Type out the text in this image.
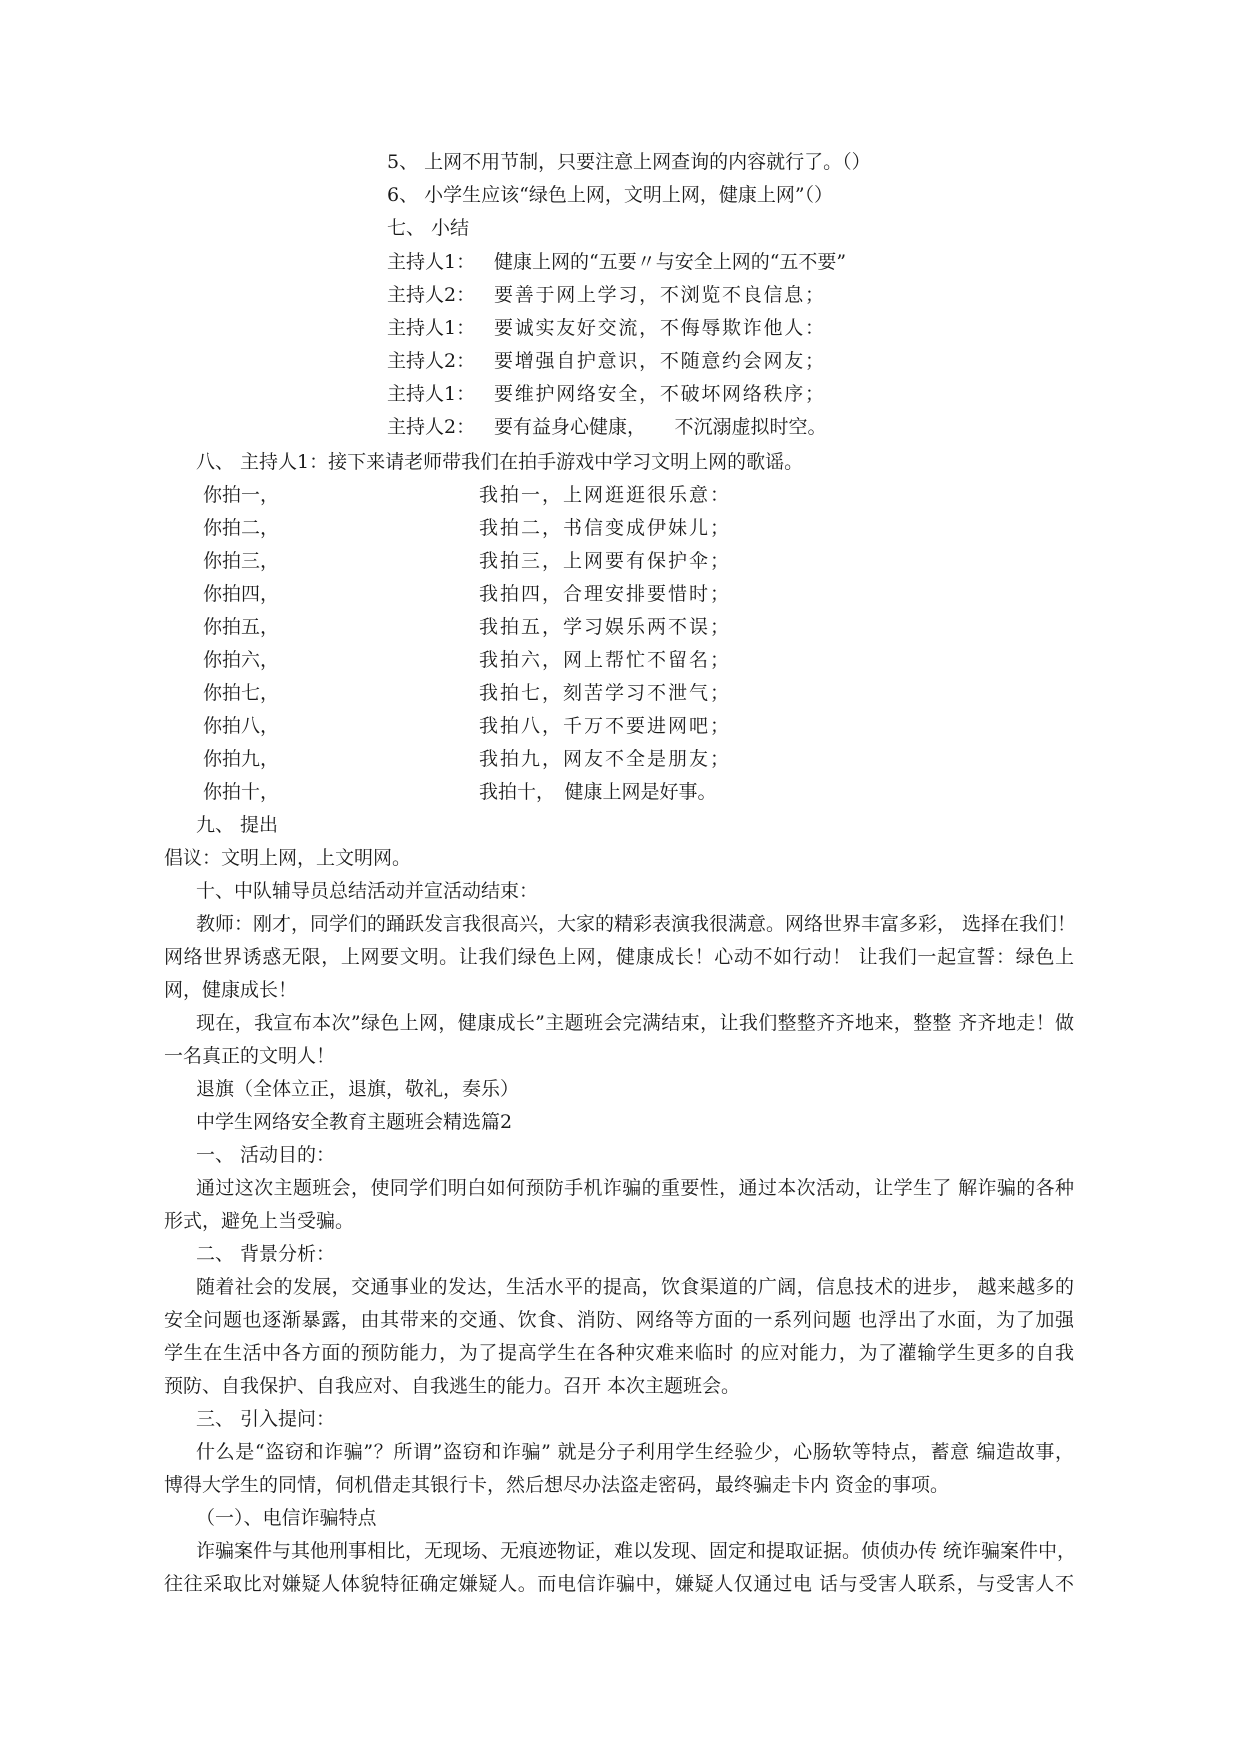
5、 上网不用节制，只要注意上网查询的内容就行了。（）
6、 小学生应该“绿色上网，文明上网，健康上网”（）
七、 小结
主持人1： 健康上网的“五要〃与安全上网的“五不要”
主持人2： 要善于网上学习，不浏览不良信息；
主持人1： 要诚实友好交流，不侮辱欺诈他人：
主持人2： 要增强自护意识，不随意约会网友；
主持人1： 要维护网络安全，不破坏网络秩序；
主持人2： 要有益身心健康，　　不沉溺虚拟时空。
八、 主持人1：接下来请老师带我们在拍手游戏中学习文明上网的歌谣。
你拍一，	我拍一，上网逛逛很乐意：
你拍二，	我拍二，书信变成伊妹儿；
你拍三，	我拍三，上网要有保护伞；
你拍四，	我拍四，合理安排要惜时；
你拍五，	我拍五，学习娱乐两不误；
你拍六，	我拍六，网上帮忙不留名；
你拍七，	我拍七，刻苦学习不泄气；
你拍八，	我拍八，千万不要进网吧；
你拍九，	我拍九，网友不全是朋友；
你拍十，	我拍十，　健康上网是好事。
九、 提出
倡议：文明上网，上文明网。
十、中队辅导员总结活动并宣活动结束：
教师：刚才，同学们的踊跃发言我很高兴，大家的精彩表演我很满意。网络世界丰富多彩， 选择在我们！
网络世界诱惑无限，上网要文明。让我们绿色上网，健康成长！心动不如行动！ 让我们一起宣誓：绿色上
网，健康成长！
现在，我宣布本次”绿色上网，健康成长”主题班会完满结束，让我们整整齐齐地来，整整 齐齐地走！做
一名真正的文明人！
退旗（全体立正，退旗，敬礼，奏乐）
中学生网络安全教育主题班会精选篇2
一、 活动目的：
通过这次主题班会，使同学们明白如何预防手机诈骗的重要性，通过本次活动，让学生了 解诈骗的各种
形式，避免上当受骗。
二、 背景分析：
随着社会的发展，交通事业的发达，生活水平的提高，饮食渠道的广阔，信息技术的进步， 越来越多的
安全问题也逐渐暴露，由其带来的交通、饮食、消防、网络等方面的一系列问题 也浮出了水面，为了加强
学生在生活中各方面的预防能力，为了提高学生在各种灾难来临时 的应对能力，为了灌输学生更多的自我
预防、自我保护、自我应对、自我逃生的能力。召开 本次主题班会。
三、 引入提问：
什么是“盗窃和诈骗”？所谓”盗窃和诈骗” 就是分子利用学生经验少，心肠软等特点，蓄意 编造故事，
博得大学生的同情，伺机借走其银行卡，然后想尽办法盗走密码，最终骗走卡内 资金的事项。
（一）、电信诈骗特点
诈骗案件与其他刑事相比，无现场、无痕迹物证，难以发现、固定和提取证据。侦侦办传 统诈骗案件中，
往往采取比对嫌疑人体貌特征确定嫌疑人。而电信诈骗中，嫌疑人仅通过电 话与受害人联系，与受害人不
